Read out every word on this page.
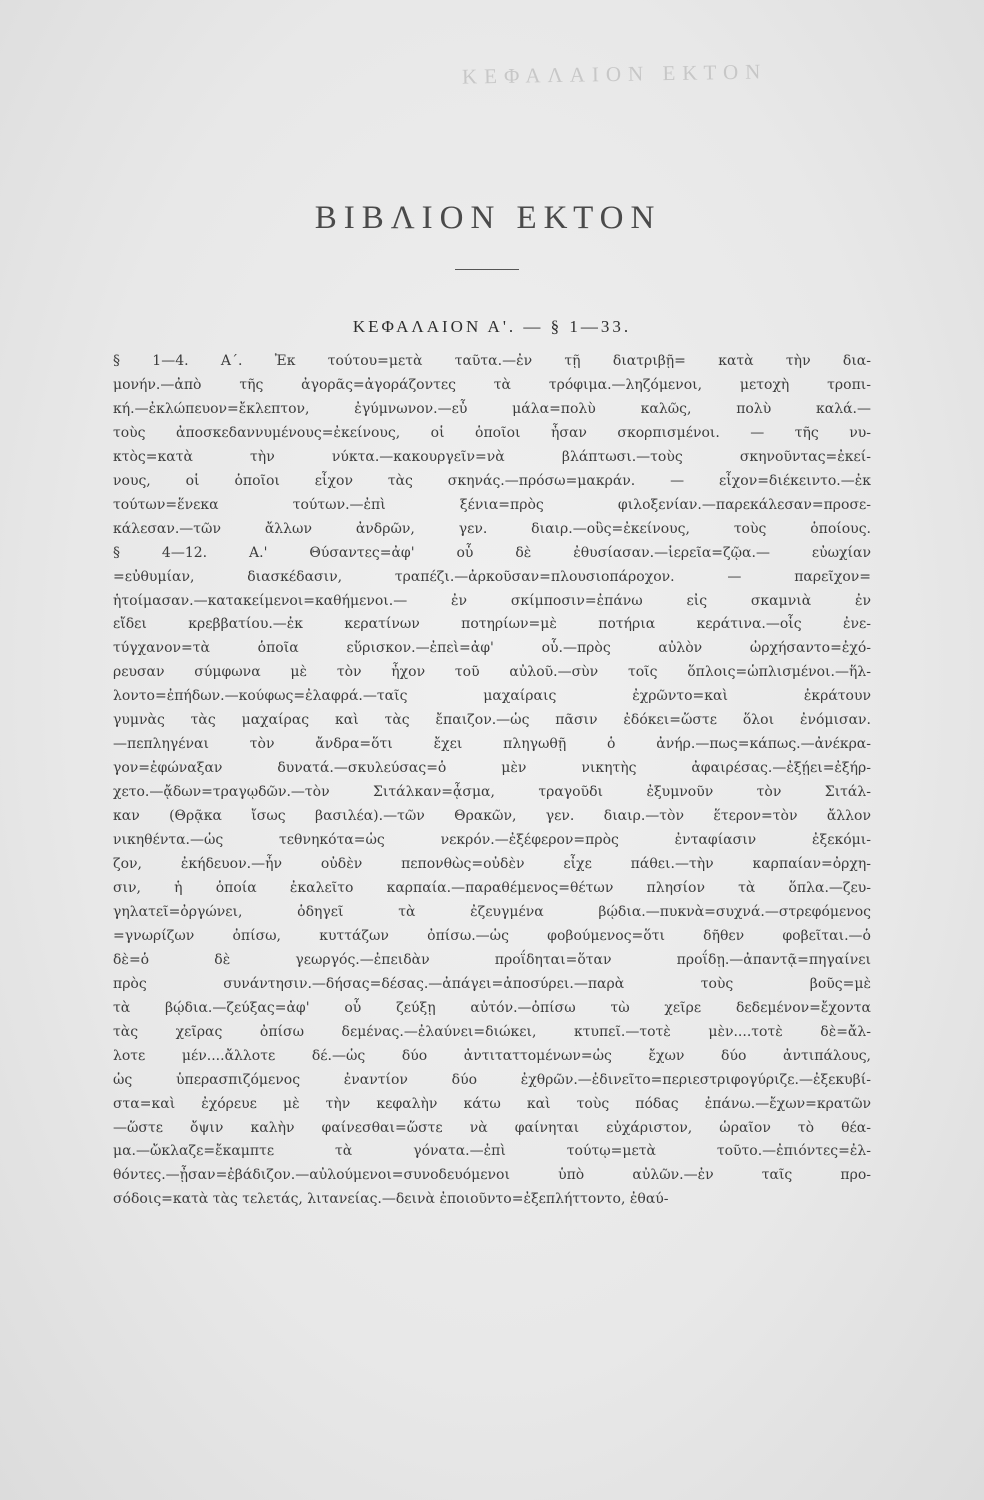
ΚΕΦΑΛΑΙΟΝ ΕΚΤΟΝ
ΒΙΒΛΙΟΝ ΕΚΤΟΝ
ΚΕΦΑΛΑΙΟΝ Α'. — § 1—33.
§ 1—4. Α΄. Ἐκ τούτου=μετὰ ταῦτα.—ἐν τῇ διατριβῇ= κατὰ τὴν δια-
μονήν.—ἀπὸ τῆς ἀγορᾶς=ἀγοράζοντες τὰ τρόφιμα.—ληζόμενοι, μετοχὴ τροπι-
κή.—ἐκλώπευον=ἔκλεπτον, ἐγύμνωνον.—εὖ μάλα=πολὺ καλῶς, πολὺ καλά.—
τοὺς ἀποσκεδαννυμένους=ἐκείνους, οἱ ὁποῖοι ἦσαν σκορπισμένοι. — τῆς νυ-
κτὸς=κατὰ τὴν νύκτα.—κακουργεῖν=νὰ βλάπτωσι.—τοὺς σκηνοῦντας=ἐκεί-
νους, οἱ ὁποῖοι εἶχον τὰς σκηνάς.—πρόσω=μακράν. — εἶχον=διέκειντο.—ἐκ
τούτων=ἕνεκα τούτων.—ἐπὶ ξένια=πρὸς φιλοξενίαν.—παρεκάλεσαν=προσε-
κάλεσαν.—τῶν ἄλλων ἀνδρῶν, γεν. διαιρ.—οὓς=ἐκείνους, τοὺς ὁποίους.
§ 4—12. Α.' Θύσαντες=ἀφ' οὗ δὲ ἐθυσίασαν.—ἱερεῖα=ζῷα.— εὐωχίαν
=εὐθυμίαν, διασκέδασιν, τραπέζι.—ἀρκοῦσαν=πλουσιοπάροχον. — παρεῖχον=
ἡτοίμασαν.—κατακείμενοι=καθήμενοι.— ἐν σκίμποσιν=ἐπάνω εἰς σκαμνιὰ ἐν
εἴδει κρεββατίου.—ἐκ κερατίνων ποτηρίων=μὲ ποτήρια κεράτινα.—οἷς ἐνε-
τύγχανον=τὰ ὁποῖα εὕρισκον.—ἐπεὶ=ἀφ' οὗ.—πρὸς αὐλὸν ὠρχήσαντο=ἐχό-
ρευσαν σύμφωνα μὲ τὸν ἦχον τοῦ αὐλοῦ.—σὺν τοῖς ὅπλοις=ὡπλισμένοι.—ἥλ-
λοντο=ἐπήδων.—κούφως=ἐλαφρά.—ταῖς μαχαίραις ἐχρῶντο=καὶ ἐκράτουν
γυμνὰς τὰς μαχαίρας καὶ τὰς ἔπαιζον.—ὡς πᾶσιν ἐδόκει=ὥστε ὅλοι ἐνόμισαν.
—πεπληγέναι τὸν ἄνδρα=ὅτι ἔχει πληγωθῇ ὁ ἀνήρ.—πως=κάπως.—ἀνέκρα-
γον=ἐφώναξαν δυνατά.—σκυλεύσας=ὁ μὲν νικητὴς ἀφαιρέσας.—ἐξῄει=ἐξήρ-
χετο.—ᾄδων=τραγῳδῶν.—τὸν Σιτάλκαν=ᾆσμα, τραγοῦδι ἐξυμνοῦν τὸν Σιτάλ-
καν (Θρᾷκα ἴσως βασιλέα).—τῶν Θρακῶν, γεν. διαιρ.—τὸν ἕτερον=τὸν ἄλλον
νικηθέντα.—ὡς τεθνηκότα=ὡς νεκρόν.—ἐξέφερον=πρὸς ἐνταφίασιν ἐξεκόμι-
ζον, ἐκήδευον.—ἦν οὐδὲν πεπονθὼς=οὐδὲν εἶχε πάθει.—τὴν καρπαίαν=ὀρχη-
σιν, ἡ ὁποία ἐκαλεῖτο καρπαία.—παραθέμενος=θέτων πλησίον τὰ ὅπλα.—ζευ-
γηλατεῖ=ὀργώνει, ὁδηγεῖ τὰ ἐζευγμένα βῴδια.—πυκνὰ=συχνά.—στρεφόμενος
=γνωρίζων ὀπίσω, κυττάζων ὀπίσω.—ὡς φοβούμενος=ὅτι δῆθεν φοβεῖται.—ὁ
δὲ=ὁ δὲ γεωργός.—ἐπειδὰν προΐδηται=ὅταν προΐδῃ.—ἀπαντᾷ=πηγαίνει
πρὸς συνάντησιν.—δήσας=δέσας.—ἀπάγει=ἀποσύρει.—παρὰ τοὺς βοῦς=μὲ
τὰ βῴδια.—ζεύξας=ἀφ' οὗ ζεύξῃ αὐτόν.—ὀπίσω τὼ χεῖρε δεδεμένον=ἔχοντα
τὰς χεῖρας ὀπίσω δεμένας.—ἐλαύνει=διώκει, κτυπεῖ.—τοτὲ μὲν....τοτὲ δὲ=ἄλ-
λοτε μέν....ἄλλοτε δέ.—ὡς δύο ἀντιταττομένων=ὡς ἔχων δύο ἀντιπάλους,
ὡς ὑπερασπιζόμενος ἐναντίον δύο ἐχθρῶν.—ἐδινεῖτο=περιεστριφογύριζε.—ἐξεκυβί-
στα=καὶ ἐχόρευε μὲ τὴν κεφαλὴν κάτω καὶ τοὺς πόδας ἐπάνω.—ἔχων=κρατῶν
—ὥστε ὄψιν καλὴν φαίνεσθαι=ὥστε νὰ φαίνηται εὐχάριστον, ὡραῖον τὸ θέα-
μα.—ὤκλαζε=ἔκαμπτε τὰ γόνατα.—ἐπὶ τούτῳ=μετὰ τοῦτο.—ἐπιόντες=ἐλ-
θόντες.—ᾖσαν=ἐβάδιζον.—αὐλούμενοι=συνοδευόμενοι ὑπὸ αὐλῶν.—ἐν ταῖς προ-
σόδοις=κατὰ τὰς τελετάς, λιτανείας.—δεινὰ ἐποιοῦντο=ἐξεπλήττοντο, ἐθαύ-
